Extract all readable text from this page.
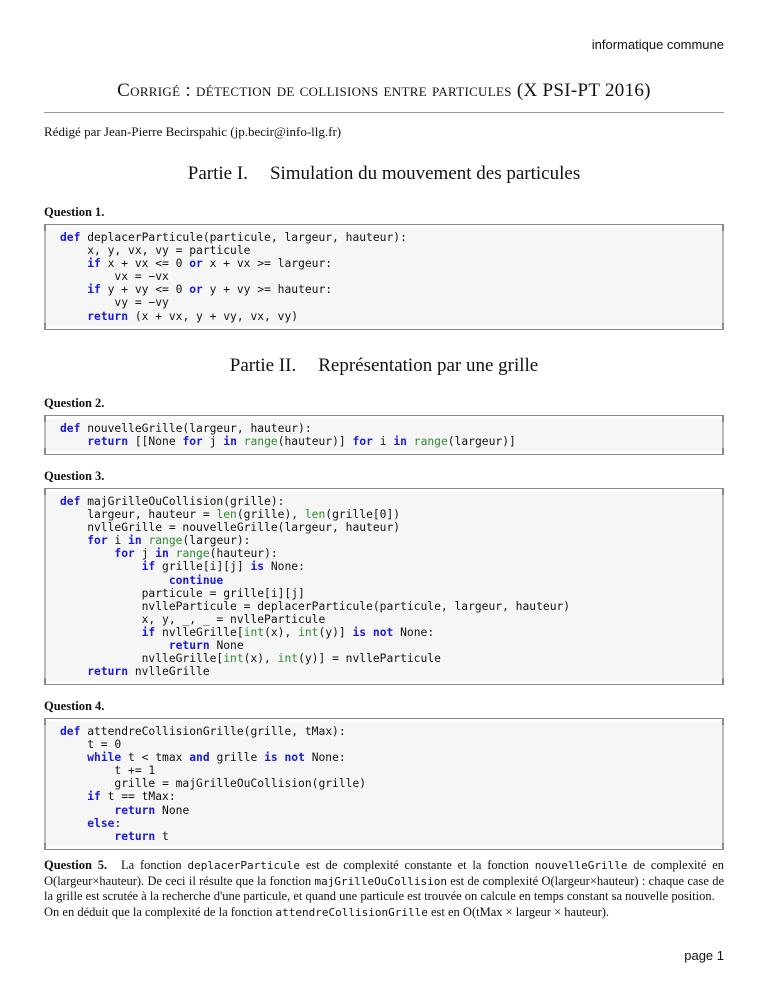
informatique commune
Corrigé : détection de collisions entre particules (X PSI-PT 2016)
Rédigé par Jean-Pierre Becirspahic (jp.becir@info-llg.fr)
Partie I. Simulation du mouvement des particules
Question 1.
def deplacerParticule(particule, largeur, hauteur):
x, y, vx, vy = particule
if x + vx <= 0 or x + vx >= largeur:
vx = −vx
if y + vy <= 0 or y + vy >= hauteur:
vy = −vy
return (x + vx, y + vy, vx, vy)
Partie II. Représentation par une grille
Question 2.
def nouvelleGrille(largeur, hauteur):
return [[None for j in range(hauteur)] for i in range(largeur)]
Question 3.
def majGrilleOuCollision(grille):
largeur, hauteur = len(grille), len(grille[0])
nvlleGrille = nouvelleGrille(largeur, hauteur)
for i in range(largeur):
for j in range(hauteur):
if grille[i][j] is None:
continue
particule = grille[i][j]
nvlleParticule = deplacerParticule(particule, largeur, hauteur)
x, y, _, _ = nvlleParticule
if nvlleGrille[int(x), int(y)] is not None:
return None
nvlleGrille[int(x), int(y)] = nvlleParticule
return nvlleGrille
Question 4.
def attendreCollisionGrille(grille, tMax):
t = 0
while t < tmax and grille is not None:
t += 1
grille = majGrilleOuCollision(grille)
if t == tMax:
return None
else:
return t
Question 5. La fonction deplacerParticule est de complexité constante et la fonction nouvelleGrille de complexité en O(largeur×hauteur). De ceci il résulte que la fonction majGrilleOuCollision est de complexité O(largeur×hauteur) : chaque case de la grille est scrutée à la recherche d'une particule, et quand une particule est trouvée on calcule en temps constant sa nouvelle position.
On en déduit que la complexité de la fonction attendreCollisionGrille est en O(tMax × largeur × hauteur).
page 1
